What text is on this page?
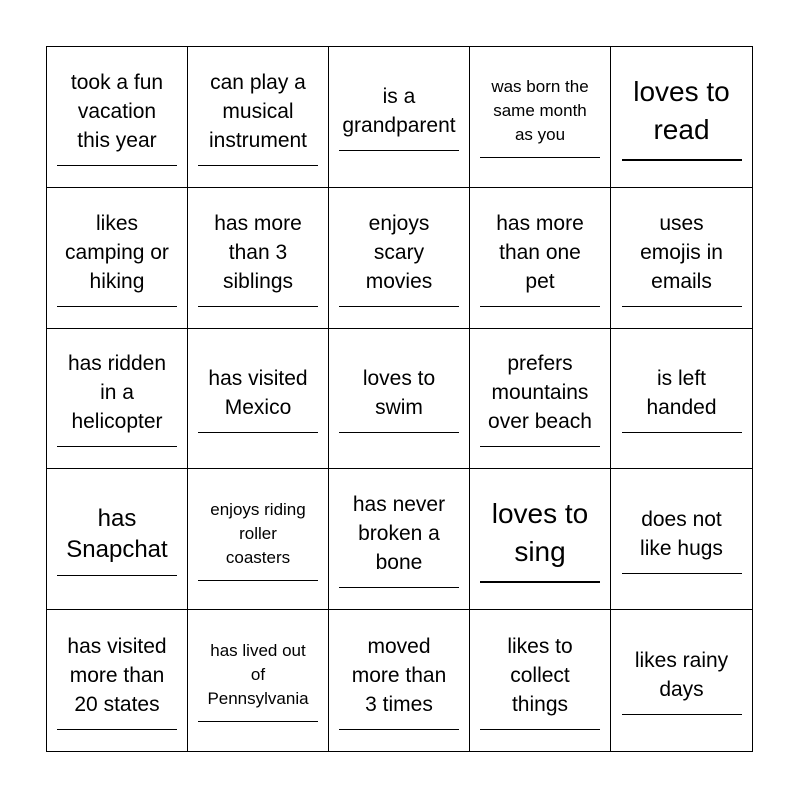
took a fun
vacation
this year
can play a
musical
instrument
is a
grandparent
was born the
same month
as you
loves to
read
likes
camping or
hiking
has more
than 3
siblings
enjoys
scary
movies
has more
than one
pet
uses
emojis in
emails
has ridden
in a
helicopter
has visited
Mexico
loves to
swim
prefers
mountains
over beach
is left
handed
has
Snapchat
enjoys riding
roller
coasters
has never
broken a
bone
loves to
sing
does not
like hugs
has visited
more than
20 states
has lived out
of
Pennsylvania
moved
more than
3 times
likes to
collect
things
likes rainy
days
